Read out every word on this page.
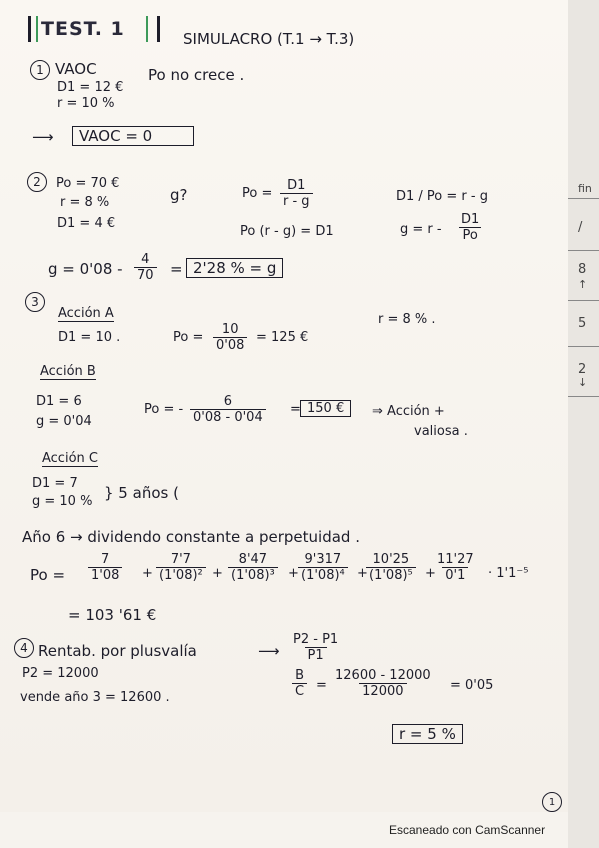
TEST. 1	SIMULACRO (T.1 → T.3)
1 VAOC	Po no crece .
D1 = 12 €
r = 10 %
⟶	VAOC = 0
2	Po = 70 €
r = 8 %
D1 = 4 €
g?	$Po = \frac{D1}{r - g}$
Po (r - g) = D1
D1 / Po = r - g
$g = r - \frac{D1}{Po}$
$g = 0'08 - \frac{4}{70} = 2'28$ % = g
3
Acción A
D1 = 10 .	$Po = \frac{10}{0'08} = 125$ €
r = 8 % .
Acción B
D1 = 6
g = 0'04
Po = - $\frac{6}{0'08 - 0'04} = 150$ €	⇒ Acción +
valiosa .
Acción C
D1 = 7
g = 10 % } 5 años (
Año 6 → dividendo constante a perpetuidad .
$Po = \frac{7}{1'08} + \frac{7'7}{\text{(1'08)²}} + \frac{8'47}{\text{(1'08)³}} + \frac{9'317}{\text{(1'08)⁴}}$ +
$\frac{10'25}{\text{(1'08)⁵}}$ +
$\frac{11'27}{0'1} \cdot 1'1^{-5}$
= 103 '61 €
4 Rentab. por plusvalía	⟶ $\frac{P2 - P1}{P1}$
P2 = 12000
vende año 3 = 12600 .	$\frac{B}{C} = \frac{12600 - 12000}{12000} = 0'05$
r = 5 %
1
fin
/
8
↑
5
2
↓
Escaneado con CamScanner
